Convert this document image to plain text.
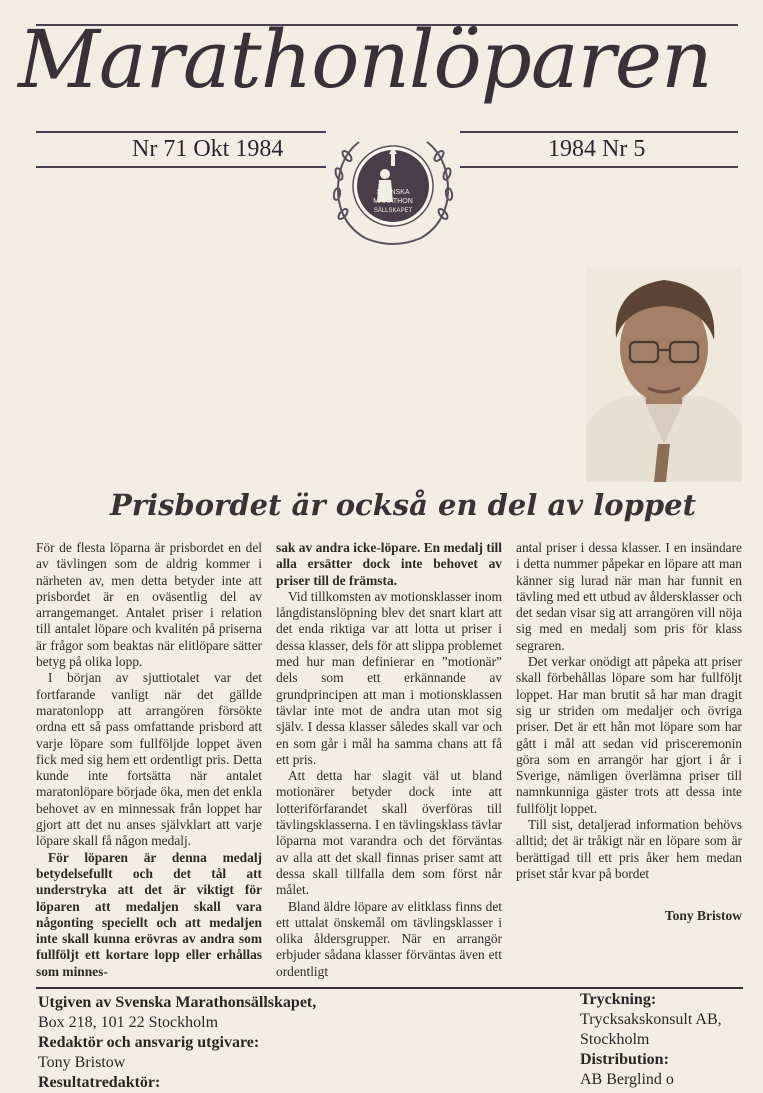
Marathonlöparen
Nr 71 Okt 1984	1984 Nr 5
SVENSKA
MARATHON
SÄLLSKAPET
Prisbordet är också en del av loppet

För de flesta löparna är prisbordet en del av tävlingen som de aldrig kommer i närheten av, men detta betyder inte att prisbordet är en oväsentlig del av arrangemanget. Antalet priser i relation till antalet löpare och kvalitén på priserna är frågor som beaktas när elitlöpare sätter betyg på olika lopp.

I början av sjuttiotalet var det fortfarande vanligt när det gällde maratonlopp att arrangören försökte ordna ett så pass omfattande prisbord att varje löpare som fullföljde loppet även fick med sig hem ett ordentligt pris. Detta kunde inte fortsätta när antalet maratonlöpare började öka, men det enkla behovet av en minnessak från loppet har gjort att det nu anses självklart att varje löpare skall få någon medalj.

För löparen är denna medalj betydelsefullt och det tål att understryka att det är viktigt för löparen att medaljen skall vara någonting speciellt och att medaljen inte skall kunna erövras av andra som fullföljt ett kortare lopp eller erhållas som minnes-

sak av andra icke-löpare. En medalj till alla ersätter dock inte behovet av priser till de främsta.

Vid tillkomsten av motionsklasser inom långdistanslöpning blev det snart klart att det enda riktiga var att lotta ut priser i dessa klasser, dels för att slippa problemet med hur man definierar en ”motionär” dels som ett erkännande av grundprincipen att man i motionsklassen tävlar inte mot de andra utan mot sig själv. I dessa klasser således skall var och en som går i mål ha samma chans att få ett pris.

Att detta har slagit väl ut bland motionärer betyder dock inte att lotteriförfarandet skall överföras till tävlingsklasserna. I en tävlingsklass tävlar löparna mot varandra och det förväntas av alla att det skall finnas priser samt att dessa skall tillfalla dem som först når målet.

Bland äldre löpare av elitklass finns det ett uttalat önskemål om tävlingsklasser i olika åldersgrupper. När en arrangör erbjuder sådana klasser förväntas även ett ordentligt

antal priser i dessa klasser. I en insändare i detta nummer påpekar en löpare att man känner sig lurad när man har funnit en tävling med ett utbud av åldersklasser och det sedan visar sig att arrangören vill nöja sig med en medalj som pris för klass segraren.

Det verkar onödigt att påpeka att priser skall förbehållas löpare som har fullföljt loppet. Har man brutit så har man dragit sig ur striden om medaljer och övriga priser. Det är ett hån mot löpare som har gått i mål att sedan vid prisceremonin göra som en arrangör har gjort i år i Sverige, nämligen överlämna priser till namnkunniga gäster trots att dessa inte fullföljt loppet.

Till sist, detaljerad information behövs alltid; det är tråkigt när en löpare som är berättigad till ett pris åker hem medan priset står kvar på bordet

Tony Bristow
Utgiven av Svenska Marathonsällskapet,
Box 218, 101 22 Stockholm
Redaktör och ansvarig utgivare:
Tony Bristow
Resultatredaktör:
Tryckning:
Trycksakskonsult AB,
Stockholm
Distribution:
AB Berglind o
